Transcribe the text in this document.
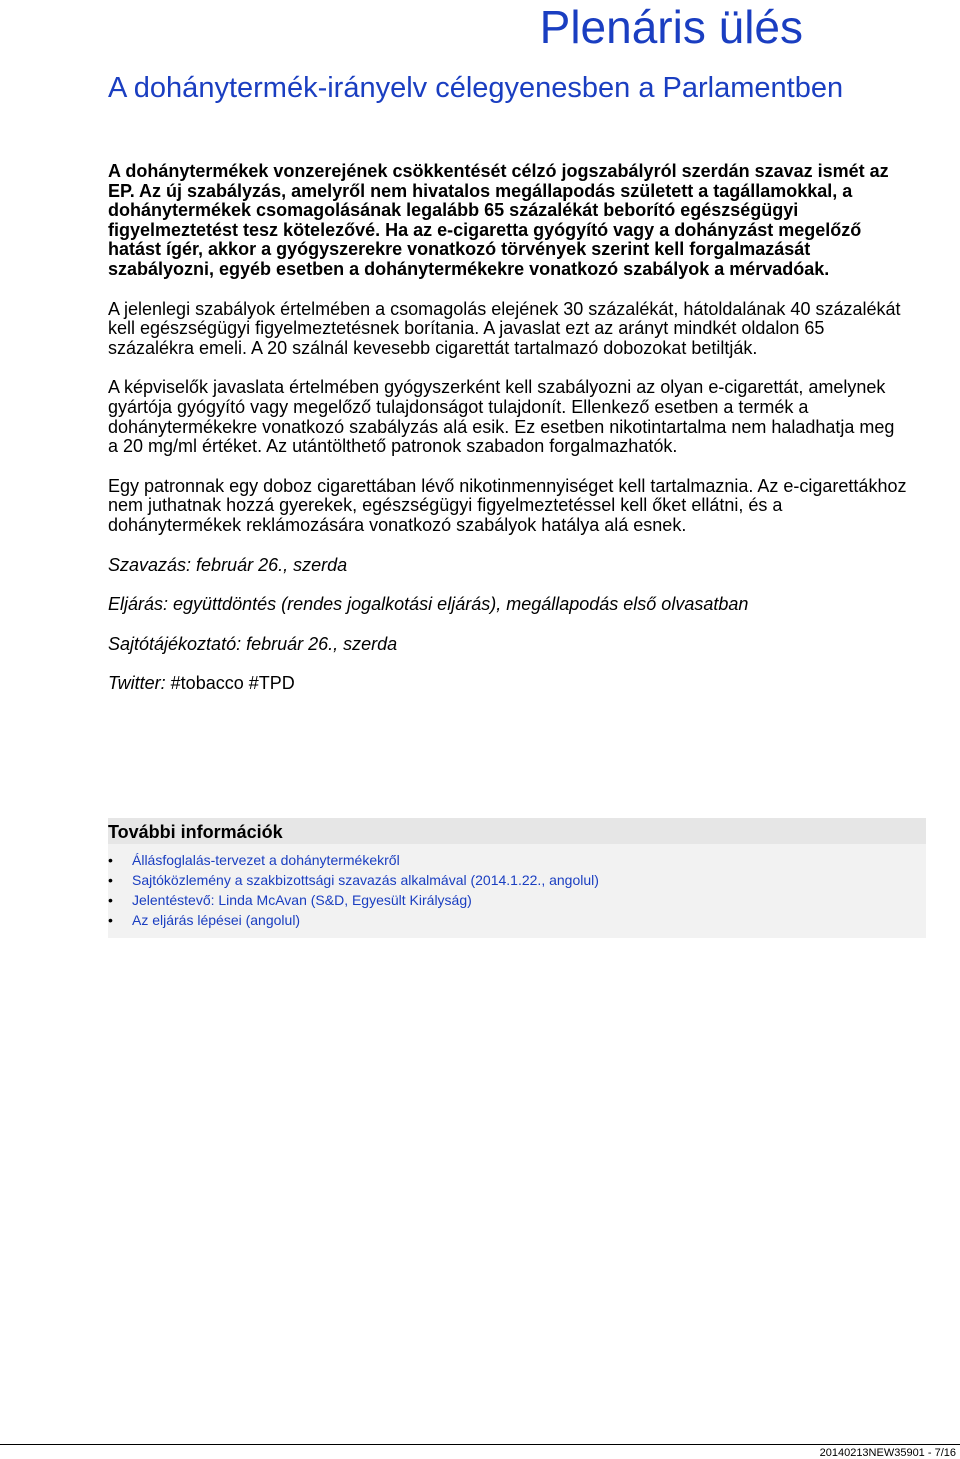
Plenáris ülés
A dohánytermék-irányelv célegyenesben a Parlamentben

A dohánytermékek vonzerejének csökkentését célzó jogszabályról szerdán szavaz ismét az EP. Az új szabályzás, amelyről nem hivatalos megállapodás született a tagállamokkal, a dohánytermékek csomagolásának legalább 65 százalékát beborító egészségügyi figyelmeztetést tesz kötelezővé. Ha az e-cigaretta gyógyító vagy a dohányzást megelőző hatást ígér, akkor a gyógyszerekre vonatkozó törvények szerint kell forgalmazását szabályozni, egyéb esetben a dohánytermékekre vonatkozó szabályok a mérvadóak.

A jelenlegi szabályok értelmében a csomagolás elejének 30 százalékát, hátoldalának 40 százalékát kell egészségügyi figyelmeztetésnek borítania. A javaslat ezt az arányt mindkét oldalon 65 százalékra emeli. A 20 szálnál kevesebb cigarettát tartalmazó dobozokat betiltják.

A képviselők javaslata értelmében gyógyszerként kell szabályozni az olyan e-cigarettát, amelynek gyártója gyógyító vagy megelőző tulajdonságot tulajdonít. Ellenkező esetben a termék a dohánytermékekre vonatkozó szabályzás alá esik. Ez esetben nikotintartalma nem haladhatja meg a 20 mg/ml értéket. Az utántölthető patronok szabadon forgalmazhatók.

Egy patronnak egy doboz cigarettában lévő nikotinmennyiséget kell tartalmaznia. Az e-cigarettákhoz nem juthatnak hozzá gyerekek, egészségügyi figyelmeztetéssel kell őket ellátni, és a dohánytermékek reklámozására vonatkozó szabályok hatálya alá esnek.

Szavazás: február 26., szerda

Eljárás: együttdöntés (rendes jogalkotási eljárás), megállapodás első olvasatban

Sajtótájékoztató: február 26., szerda

Twitter: #tobacco #TPD

További információk
• Állásfoglalás-tervezet a dohánytermékekről
• Sajtóközlemény a szakbizottsági szavazás alkalmával (2014.1.22., angolul)
• Jelentéstevő: Linda McAvan (S&D, Egyesült Királyság)
• Az eljárás lépései (angolul)
20140213NEW35901 - 7/16
